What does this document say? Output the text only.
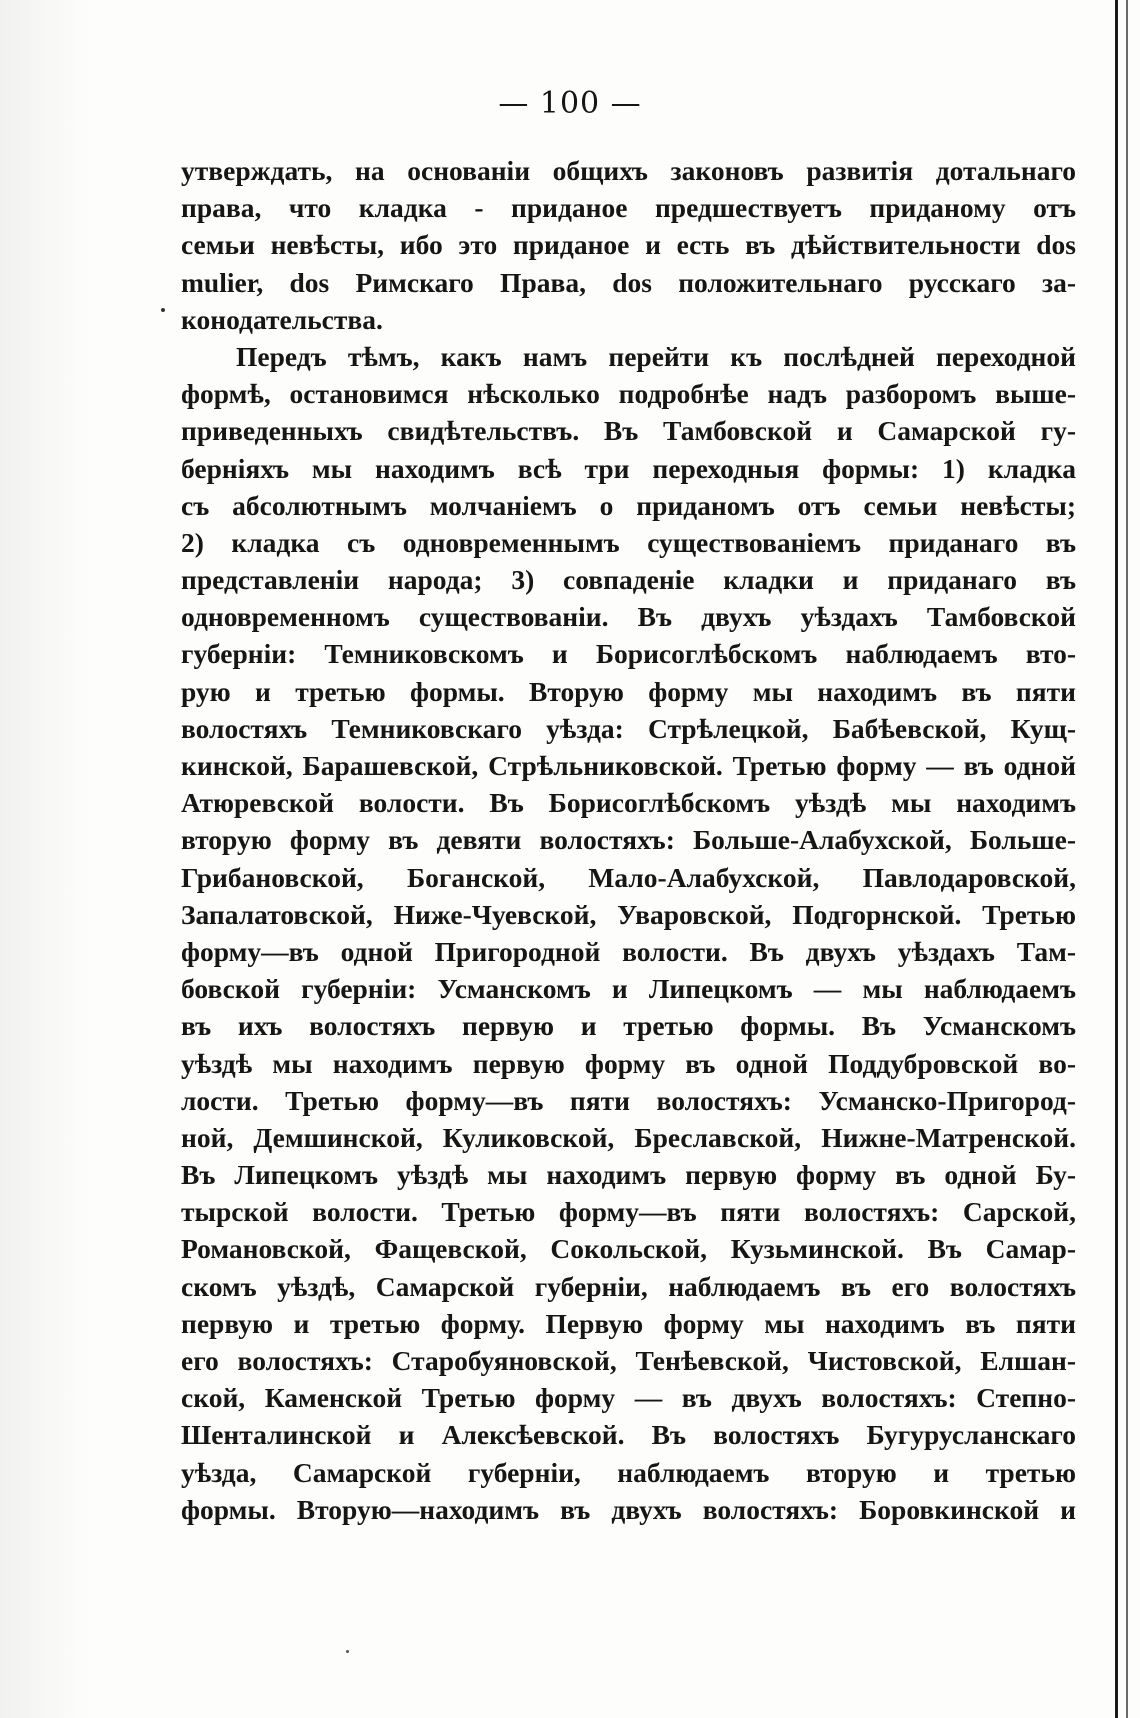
— 100 —
утверждать, на основаніи общихъ законовъ развитія дотальнаго
права, что кладка - приданое предшествуетъ приданому отъ
семьи невѣсты, ибо это приданое и есть въ дѣйствительности dos
mulier, dos Римскаго Права, dos положительнаго русскаго за-
конодательства.
Передъ тѣмъ, какъ намъ перейти къ послѣдней переходной
формѣ, остановимся нѣсколько подробнѣе надъ разборомъ выше-
приведенныхъ свидѣтельствъ. Въ Тамбовской и Самарской гу-
берніяхъ мы находимъ всѣ три переходныя формы: 1) кладка
съ абсолютнымъ молчаніемъ о приданомъ отъ семьи невѣсты;
2) кладка съ одновременнымъ существованіемъ приданаго въ
представленіи народа; 3) совпаденіе кладки и приданаго въ
одновременномъ существованіи. Въ двухъ уѣздахъ Тамбовской
губерніи: Темниковскомъ и Борисоглѣбскомъ наблюдаемъ вто-
рую и третью формы. Вторую форму мы находимъ въ пяти
волостяхъ Темниковскаго уѣзда: Стрѣлецкой, Бабѣевской, Кущ-
кинской, Барашевской, Стрѣльниковской. Третью форму — въ одной
Атюревской волости. Въ Борисоглѣбскомъ уѣздѣ мы находимъ
вторую форму въ девяти волостяхъ: Больше-Алабухской, Больше-
Грибановской, Боганской, Мало-Алабухской, Павлодаровской,
Запалатовской, Ниже-Чуевской, Уваровской, Подгорнской. Третью
форму—въ одной Пригородной волости. Въ двухъ уѣздахъ Там-
бовской губерніи: Усманскомъ и Липецкомъ — мы наблюдаемъ
въ ихъ волостяхъ первую и третью формы. Въ Усманскомъ
уѣздѣ мы находимъ первую форму въ одной Поддубровской во-
лости. Третью форму—въ пяти волостяхъ: Усманско-Пригород-
ной, Демшинской, Куликовской, Бреславской, Нижне-Матренской.
Въ Липецкомъ уѣздѣ мы находимъ первую форму въ одной Бу-
тырской волости. Третью форму—въ пяти волостяхъ: Сарской,
Романовской, Фащевской, Сокольской, Кузьминской. Въ Самар-
скомъ уѣздѣ, Самарской губерніи, наблюдаемъ въ его волостяхъ
первую и третью форму. Первую форму мы находимъ въ пяти
его волостяхъ: Старобуяновской, Тенѣевской, Чистовской, Елшан-
ской, Каменской Третью форму — въ двухъ волостяхъ: Степно-
Шенталинской и Алексѣевской. Въ волостяхъ Бугурусланскаго
уѣзда, Самарской губерніи, наблюдаемъ вторую и третью
формы. Вторую—находимъ въ двухъ волостяхъ: Боровкинской и
